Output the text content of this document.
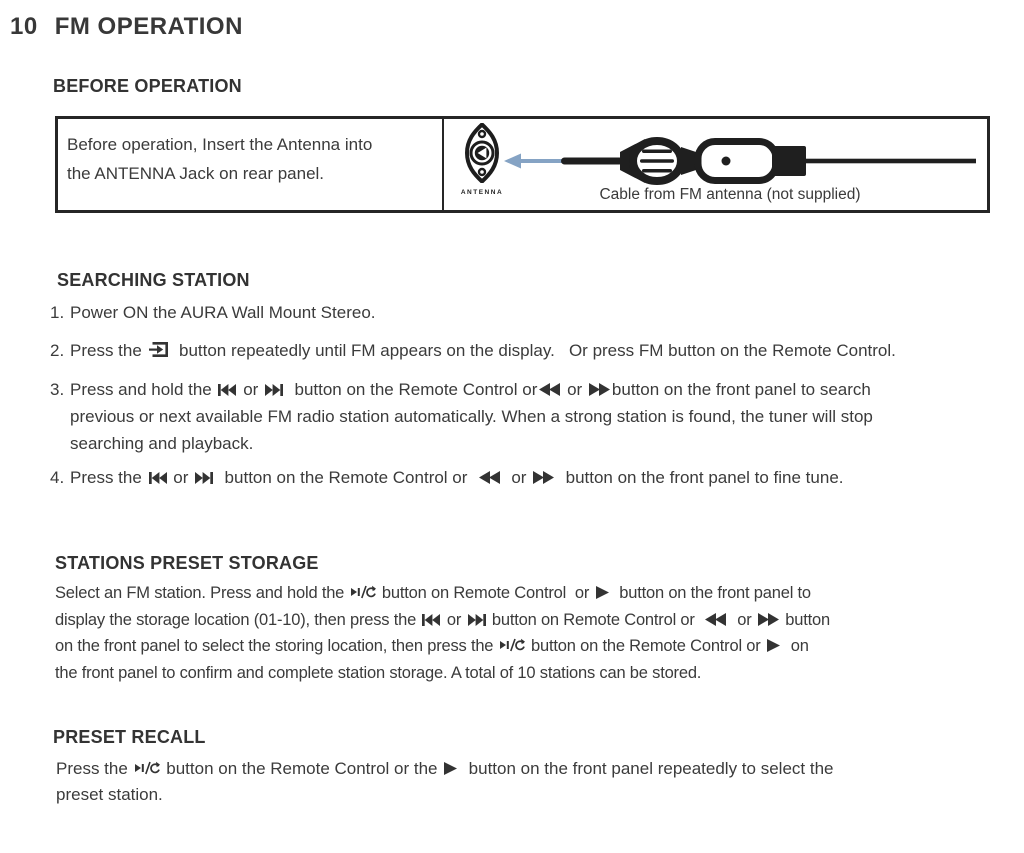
10 FM OPERATION
BEFORE OPERATION
Before operation, Insert the Antenna into
the ANTENNA Jack on rear panel.
ANTENNA	Cable from FM antenna (not supplied)
SEARCHING STATION
1. Power ON the AURA Wall Mount Stereo.
2. Press the   button repeatedly until FM appears on the display.   Or press FM button on the Remote Control.
3. Press and hold the  or   button on the Remote Control or or button on the front panel to search
previous or next available FM radio station automatically. When a strong station is found, the tuner will stop
searching and playback.
4. Press the  or   button on the Remote Control or    or   button on the front panel to fine tune.
STATIONS PRESET STORAGE
Select an FM station. Press and hold the  button on Remote Control  or   button on the front panel to
display the storage location (01-10), then press the  or  button on Remote Control or    or  button
on the front panel to select the storing location, then press the  button on the Remote Control or   on
the front panel to confirm and complete station storage. A total of 10 stations can be stored.
PRESET RECALL
Press the  button on the Remote Control or the   button on the front panel repeatedly to select the
preset station.
